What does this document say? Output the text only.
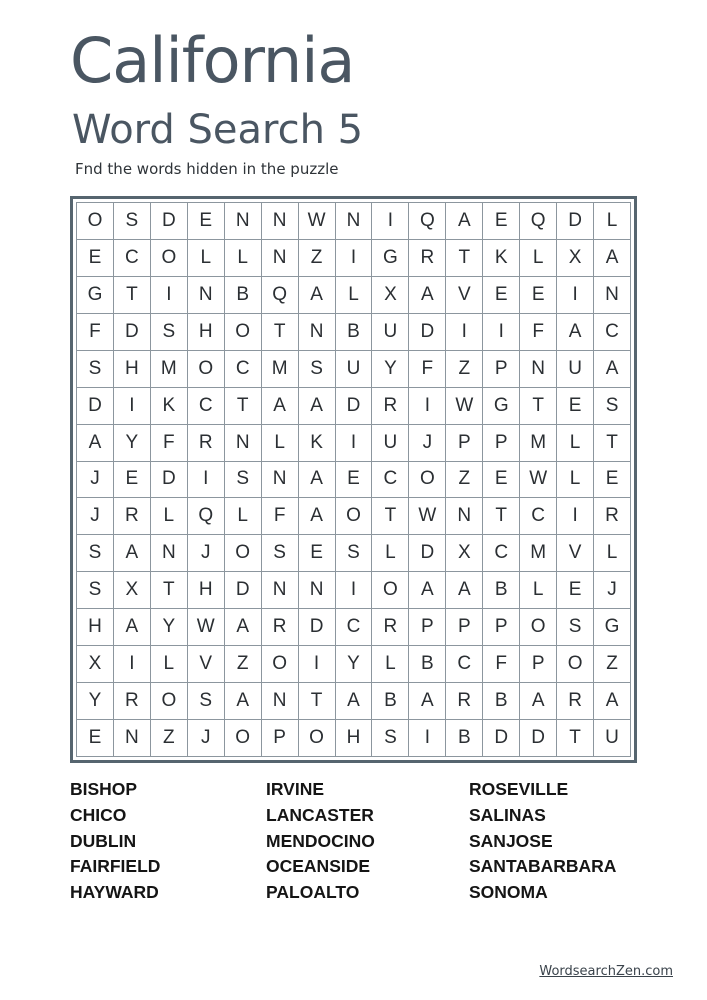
California
Word Search 5
Fnd the words hidden in the puzzle
O	S	D	E	N	N	W	N	I	Q	A	E	Q	D	L
E	C	O	L	L	N	Z	I	G	R	T	K	L	X	A
G	T	I	N	B	Q	A	L	X	A	V	E	E	I	N
F	D	S	H	O	T	N	B	U	D	I	I	F	A	C
S	H	M	O	C	M	S	U	Y	F	Z	P	N	U	A
D	I	K	C	T	A	A	D	R	I	W	G	T	E	S
A	Y	F	R	N	L	K	I	U	J	P	P	M	L	T
J	E	D	I	S	N	A	E	C	O	Z	E	W	L	E
J	R	L	Q	L	F	A	O	T	W	N	T	C	I	R
S	A	N	J	O	S	E	S	L	D	X	C	M	V	L
S	X	T	H	D	N	N	I	O	A	A	B	L	E	J
H	A	Y	W	A	R	D	C	R	P	P	P	O	S	G
X	I	L	V	Z	O	I	Y	L	B	C	F	P	O	Z
Y	R	O	S	A	N	T	A	B	A	R	B	A	R	A
E	N	Z	J	O	P	O	H	S	I	B	D	D	T	U
BISHOP
CHICO
DUBLIN
FAIRFIELD
HAYWARD
IRVINE
LANCASTER
MENDOCINO
OCEANSIDE
PALOALTO
ROSEVILLE
SALINAS
SANJOSE
SANTABARBARA
SONOMA
WordsearchZen.com
